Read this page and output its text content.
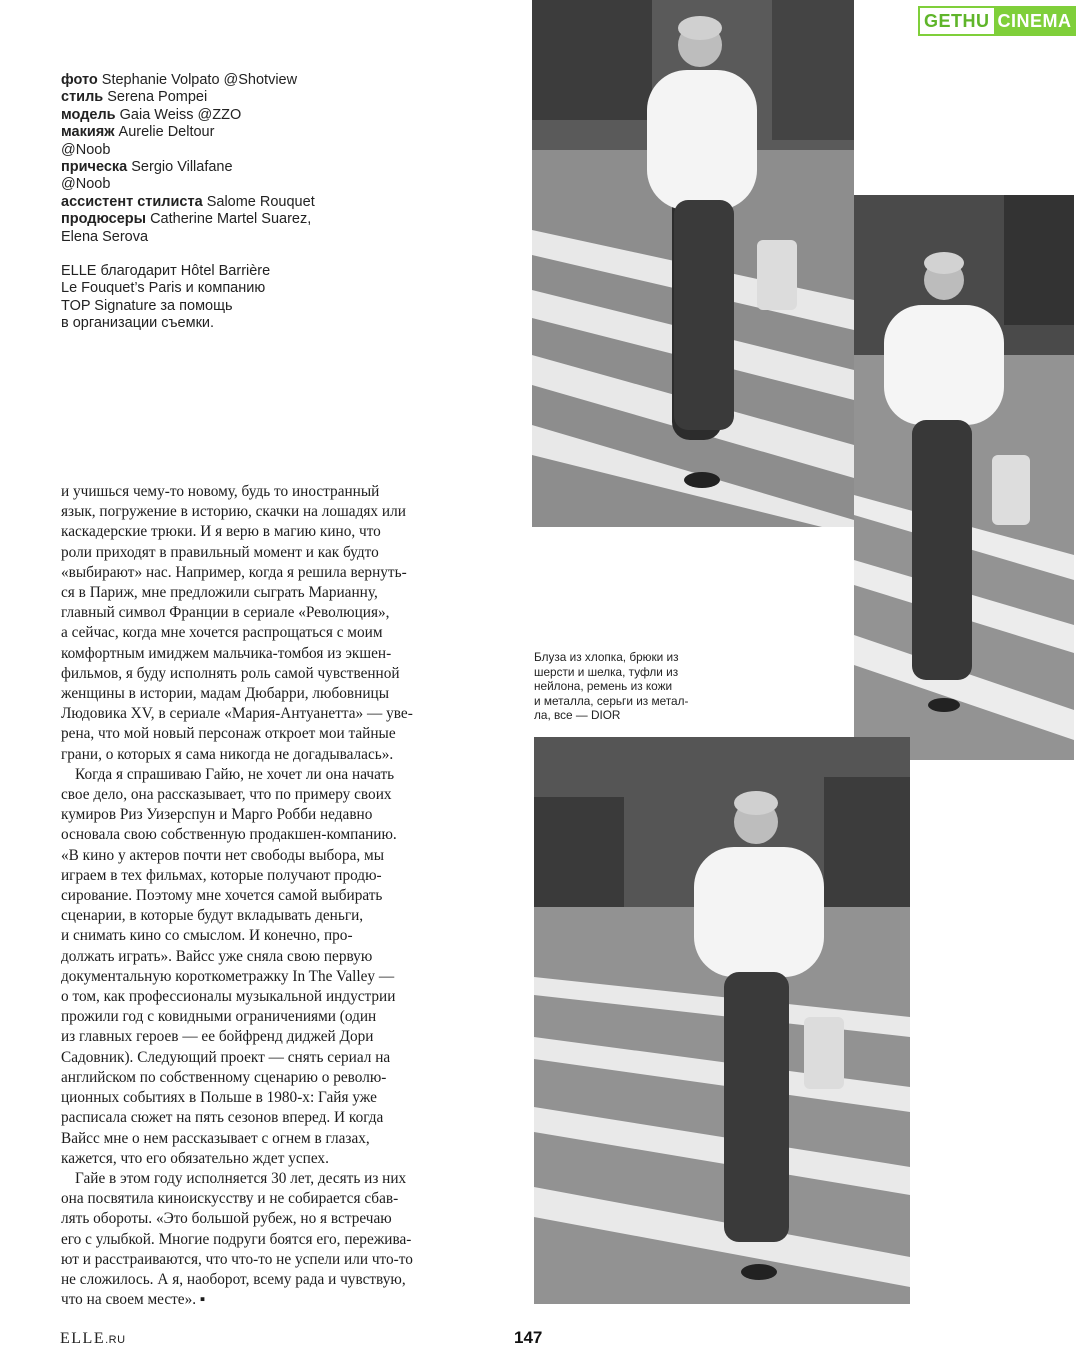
GETHU CINEMA
фото Stephanie Volpato @Shotview
стиль Serena Pompei
модель Gaia Weiss @ZZO
макияж Aurelie Deltour
@Noob
прическа Sergio Villafane
@Noob
ассистент стилиста Salome Rouquet
продюсеры Catherine Martel Suarez,
Elena Serova
ELLE благодарит Hôtel Barrière
Le Fouquet’s Paris и компанию
TOP Signature за помощь
в организации съемки.
и учишься чему-то новому, будь то иностранный
язык, погружение в историю, скачки на лошадях или
каскадерские трюки. И я верю в магию кино, что
роли приходят в правильный момент и как будто
«выбирают» нас. Например, когда я решила вернуть-
ся в Париж, мне предложили сыграть Марианну,
главный символ Франции в сериале «Революция»,
а сейчас, когда мне хочется распрощаться с моим
комфортным имиджем мальчика-томбоя из экшен-
фильмов, я буду исполнять роль самой чувственной
женщины в истории, мадам Дюбарри, любовницы
Людовика XV, в сериале «Мария-Антуанетта» — уве-
рена, что мой новый персонаж откроет мои тайные
грани, о которых я сама никогда не догадывалась».
Когда я спрашиваю Гайю, не хочет ли она начать
свое дело, она рассказывает, что по примеру своих
кумиров Риз Уизерспун и Марго Робби недавно
основала свою собственную продакшен-компанию.
«В кино у актеров почти нет свободы выбора, мы
играем в тех фильмах, которые получают продю-
сирование. Поэтому мне хочется самой выбирать
сценарии, в которые будут вкладывать деньги,
и снимать кино со смыслом. И конечно, про-
должать играть». Вайсс уже сняла свою первую
документальную короткометражку In The Valley —
о том, как профессионалы музыкальной индустрии
прожили год с ковидными ограничениями (один
из главных героев — ее бойфренд диджей Дори
Садовник). Следующий проект — снять сериал на
английском по собственному сценарию о револю-
ционных событиях в Польше в 1980-х: Гайя уже
расписала сюжет на пять сезонов вперед. И когда
Вайсс мне о нем рассказывает с огнем в глазах,
кажется, что его обязательно ждет успех.
Гайе в этом году исполняется 30 лет, десять из них
она посвятила киноискусству и не собирается сбав-
лять обороты. «Это большой рубеж, но я встречаю
его с улыбкой. Многие подруги боятся его, пережива-
ют и расстраиваются, что что-то не успели или что-то
не сложилось. А я, наоборот, всему рада и чувствую,
что на своем месте». ▪
Блуза из хлопка, брюки из
шерсти и шелка, туфли из
нейлона, ремень из кожи
и металла, серьги из метал-
ла, все — DIOR
ELLE.RU	147
